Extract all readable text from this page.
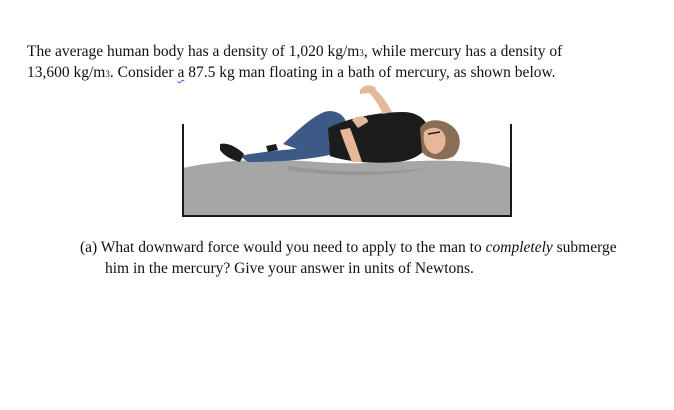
The average human body has a density of 1,020 kg/m3, while mercury has a density of
13,600 kg/m3. Consider a 87.5 kg man floating in a bath of mercury, as shown below.
(a) What downward force would you need to apply to the man to completely submerge
him in the mercury? Give your answer in units of Newtons.
